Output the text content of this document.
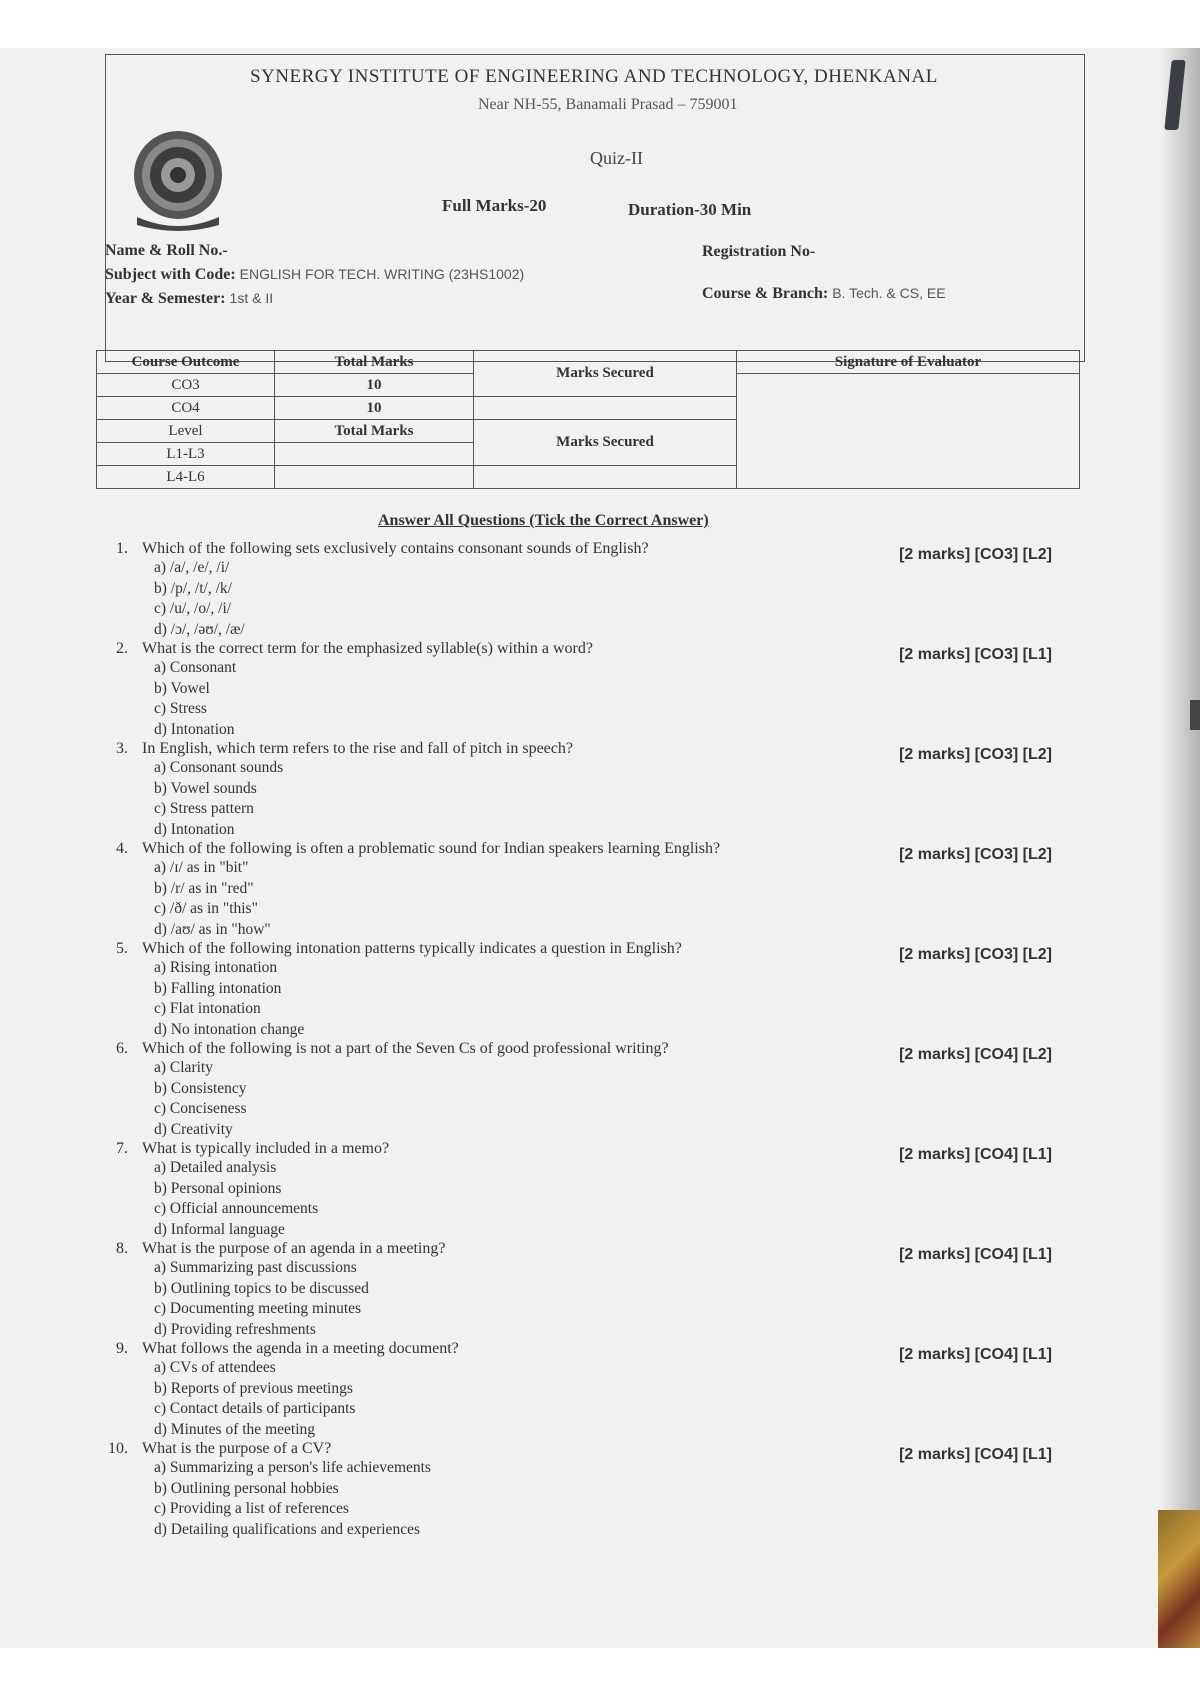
SYNERGY INSTITUTE OF ENGINEERING AND TECHNOLOGY, DHENKANAL
Near NH-55, Banamali Prasad – 759001
Quiz-II
Full Marks-20	Duration-30 Min
Name & Roll No.-
Subject with Code: ENGLISH FOR TECH. WRITING (23HS1002)
Year & Semester: 1st & II
Registration No-
Course & Branch: B. Tech. & CS, EE
Course Outcome	Total Marks	Marks Secured	Signature of Evaluator
CO3	10		
CO4	10		
Level	Total Marks	Marks Secured	
L1-L3			
L4-L6			
Answer All Questions (Tick the Correct Answer)
1. Which of the following sets exclusively contains consonant sounds of English?	[2 marks] [CO3] [L2]
a) /a/, /e/, /i/
b) /p/, /t/, /k/
c) /u/, /o/, /i/
d) /ɔ/, /əʊ/, /æ/
2. What is the correct term for the emphasized syllable(s) within a word?	[2 marks] [CO3] [L1]
a) Consonant
b) Vowel
c) Stress
d) Intonation
3. In English, which term refers to the rise and fall of pitch in speech?	[2 marks] [CO3] [L2]
a) Consonant sounds
b) Vowel sounds
c) Stress pattern
d) Intonation
4. Which of the following is often a problematic sound for Indian speakers learning English?	[2 marks] [CO3] [L2]
a) /ɪ/ as in "bit"
b) /r/ as in "red"
c) /ð/ as in "this"
d) /aʊ/ as in "how"
5. Which of the following intonation patterns typically indicates a question in English?	[2 marks] [CO3] [L2]
a) Rising intonation
b) Falling intonation
c) Flat intonation
d) No intonation change
6. Which of the following is not a part of the Seven Cs of good professional writing?	[2 marks] [CO4] [L2]
a) Clarity
b) Consistency
c) Conciseness
d) Creativity
7. What is typically included in a memo?	[2 marks] [CO4] [L1]
a) Detailed analysis
b) Personal opinions
c) Official announcements
d) Informal language
8. What is the purpose of an agenda in a meeting?	[2 marks] [CO4] [L1]
a) Summarizing past discussions
b) Outlining topics to be discussed
c) Documenting meeting minutes
d) Providing refreshments
9. What follows the agenda in a meeting document?	[2 marks] [CO4] [L1]
a) CVs of attendees
b) Reports of previous meetings
c) Contact details of participants
d) Minutes of the meeting
10. What is the purpose of a CV?	[2 marks] [CO4] [L1]
a) Summarizing a person's life achievements
b) Outlining personal hobbies
c) Providing a list of references
d) Detailing qualifications and experiences
